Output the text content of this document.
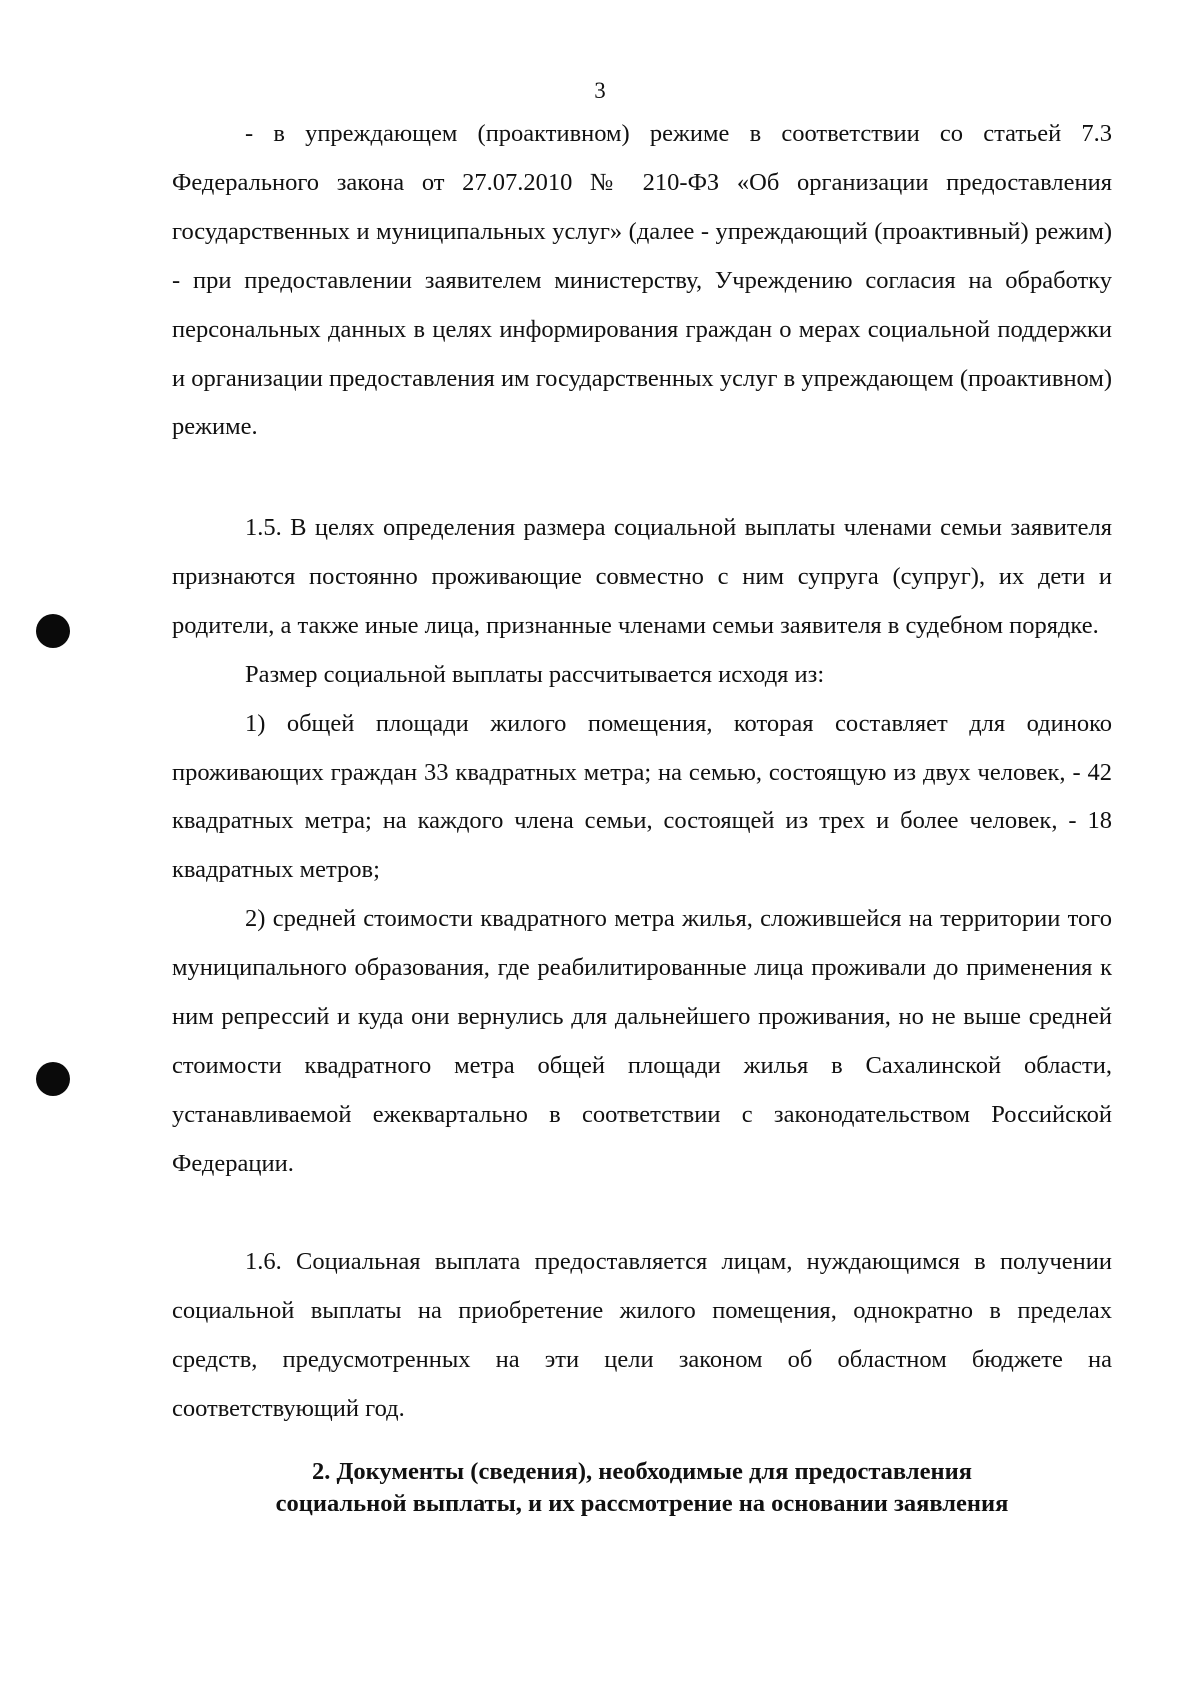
3

- в упреждающем (проактивном) режиме в соответствии со статьей 7.3 Федерального закона от 27.07.2010 № 210-ФЗ «Об организации предоставления государственных и муниципальных услуг» (далее - упреждающий (проактивный) режим) - при предоставлении заявителем министерству, Учреждению согласия на обработку персональных данных в целях информирования граждан о мерах социальной поддержки и организации предоставления им государственных услуг в упреждающем (проактивном) режиме.

1.5. В целях определения размера социальной выплаты членами семьи заявителя признаются постоянно проживающие совместно с ним супруга (супруг), их дети и родители, а также иные лица, признанные членами семьи заявителя в судебном порядке.

Размер социальной выплаты рассчитывается исходя из:

1) общей площади жилого помещения, которая составляет для одиноко проживающих граждан 33 квадратных метра; на семью, состоящую из двух человек, - 42 квадратных метра; на каждого члена семьи, состоящей из трех и более человек, - 18 квадратных метров;

2) средней стоимости квадратного метра жилья, сложившейся на территории того муниципального образования, где реабилитированные лица проживали до применения к ним репрессий и куда они вернулись для дальнейшего проживания, но не выше средней стоимости квадратного метра общей площади жилья в Сахалинской области, устанавливаемой ежеквартально в соответствии с законодательством Российской Федерации.

1.6. Социальная выплата предоставляется лицам, нуждающимся в получении социальной выплаты на приобретение жилого помещения, однократно в пределах средств, предусмотренных на эти цели законом об областном бюджете на соответствующий год.

2. Документы (сведения), необходимые для предоставления
социальной выплаты, и их рассмотрение на основании заявления
